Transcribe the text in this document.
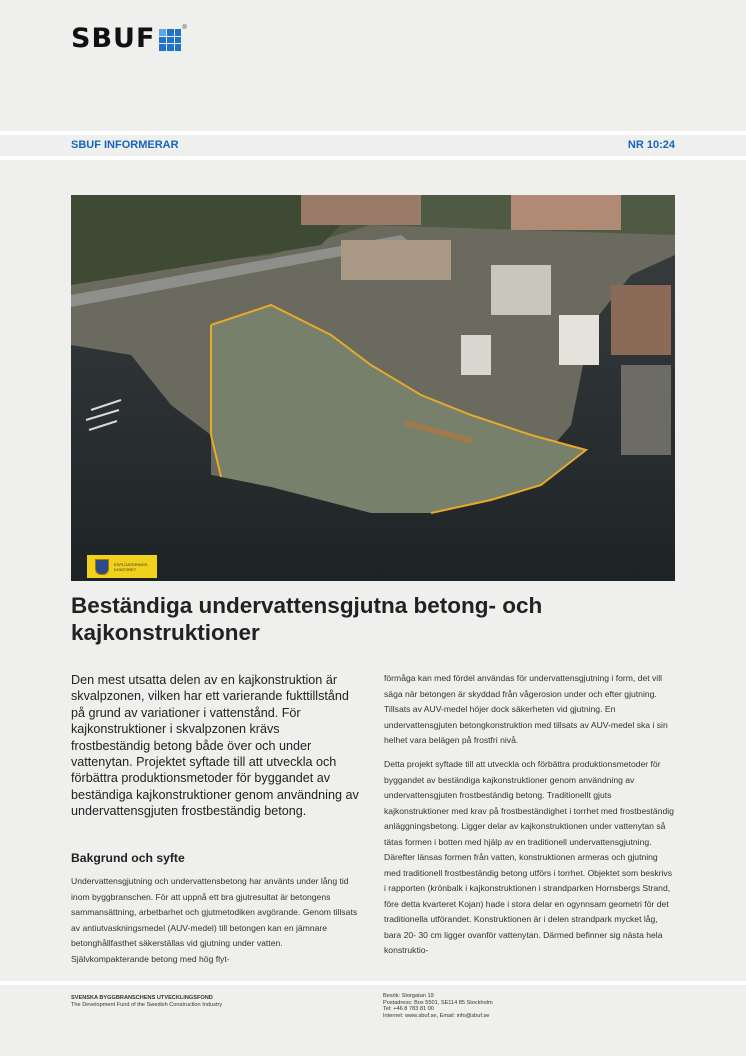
SBUF	®
SBUF INFORMERAR	NR 10:24
EXPLOATERINGS
KONTORET
Beständiga undervattensgjutna betong- och kajkonstruktioner

Den mest utsatta delen av en kajkonstruktion är skvalpzonen, vilken har ett varierande fukttillstånd på grund av variationer i vattenstånd. För kajkonstruktioner i skvalpzonen krävs frostbeständig betong både över och under vattenytan. Projektet syftade till att utveckla och förbättra produktionsmetoder för byggandet av beständiga kajkonstruktioner genom användning av undervattensgjuten frostbeständig betong.

Bakgrund och syfte

Undervattensgjutning och undervattensbetong har använts under lång tid inom byggbranschen. För att uppnå ett bra gjutresultat är betongens sammansättning, arbetbarhet och gjutmetodiken avgörande. Genom tillsats av antiutvaskningsmedel (AUV-medel) till betongen kan en jämnare betonghållfasthet säkerställas vid gjutning under vatten. Självkompakterande betong med hög flyt-

förmåga kan med fördel användas för undervattensgjutning i form, det vill säga när betongen är skyddad från vågerosion under och efter gjutning. Tillsats av AUV-medel höjer dock säkerheten vid gjutning. En undervattensgjuten betongkonstruktion med tillsats av AUV-medel ska i sin helhet vara belägen på frostfri nivå.

Detta projekt syftade till att utveckla och förbättra produktionsmetoder för byggandet av beständiga kajkonstruktioner genom användning av undervattensgjuten frostbeständig betong. Traditionellt gjuts kajkonstruktioner med krav på frostbeständighet i torrhet med frostbeständig anläggningsbetong. Ligger delar av kajkonstruktionen under vattenytan så tätas formen i botten med hjälp av en traditionell undervattensgjutning. Därefter länsas formen från vatten, konstruktionen armeras och gjutning med traditionell frostbeständig betong utförs i torrhet. Objektet som beskrivs i rapporten (krönbalk i kajkonstruktionen i strandparken Hornsbergs Strand, före detta kvarteret Kojan) hade i stora delar en ogynnsam geometri för det traditionella utförandet. Konstruktionen är i delen strandpark mycket låg, bara 20- 30 cm ligger ovanför vattenytan. Därmed befinner sig nästa hela konstruktio-

SVENSKA BYGGBRANSCHENS UTVECKLINGSFOND
The Development Fund of the Swedish Construction Industry
Besök: Storgatan 19
Postadress: Box 5501, SE114 85 Stockholm
Tel: +46 8 783 81 00
Internet: www.sbuf.se, Email: info@sbuf.se
